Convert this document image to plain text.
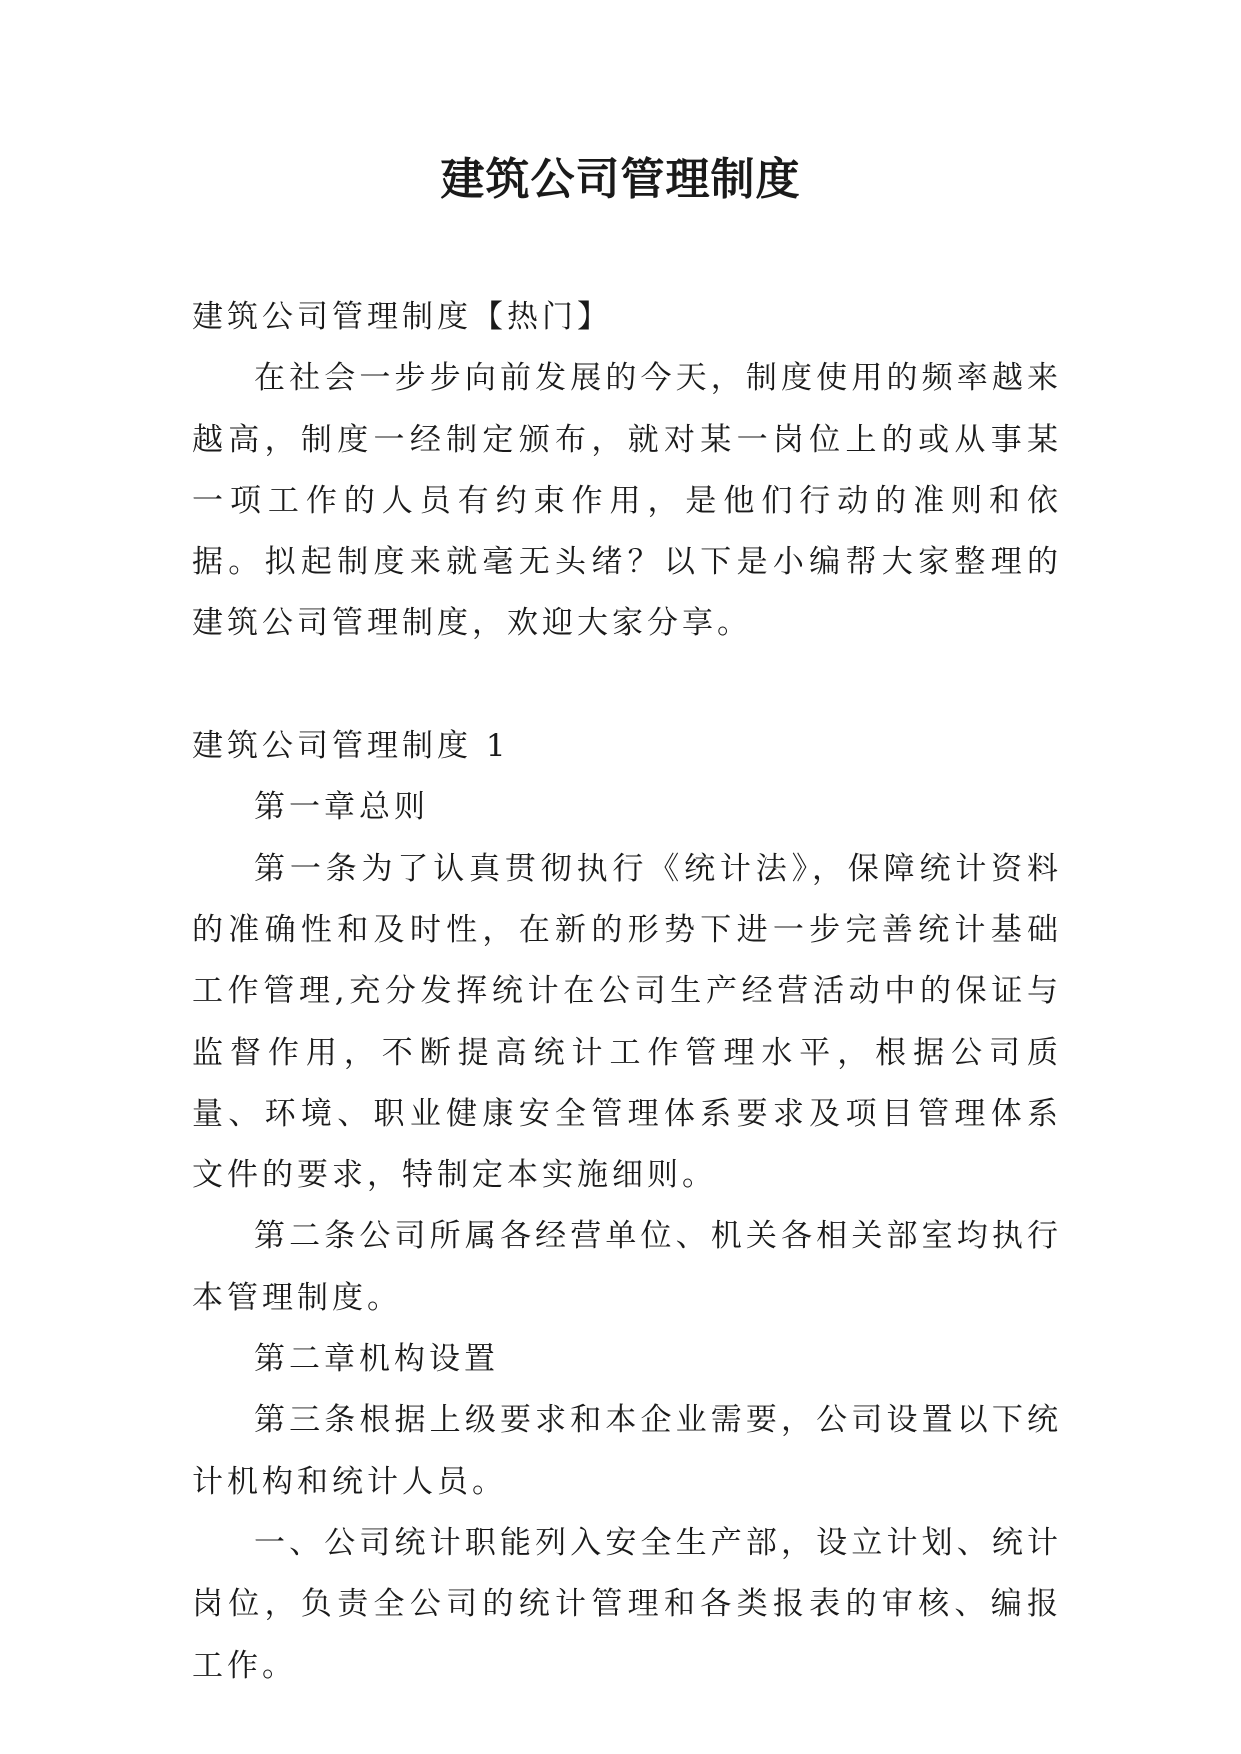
建筑公司管理制度

建筑公司管理制度【热门】

在社会一步步向前发展的今天，制度使用的频率越来越高，制度一经制定颁布，就对某一岗位上的或从事某一项工作的人员有约束作用，是他们行动的准则和依据。拟起制度来就毫无头绪？以下是小编帮大家整理的建筑公司管理制度，欢迎大家分享。

建筑公司管理制度 1

第一章总则

第一条为了认真贯彻执行《统计法》，保障统计资料的准确性和及时性，在新的形势下进一步完善统计基础工作管理,充分发挥统计在公司生产经营活动中的保证与监督作用，不断提高统计工作管理水平，根据公司质量、环境、职业健康安全管理体系要求及项目管理体系文件的要求，特制定本实施细则。

第二条公司所属各经营单位、机关各相关部室均执行本管理制度。

第二章机构设置

第三条根据上级要求和本企业需要，公司设置以下统计机构和统计人员。

一、公司统计职能列入安全生产部，设立计划、统计岗位，负责全公司的统计管理和各类报表的审核、编报工作。
